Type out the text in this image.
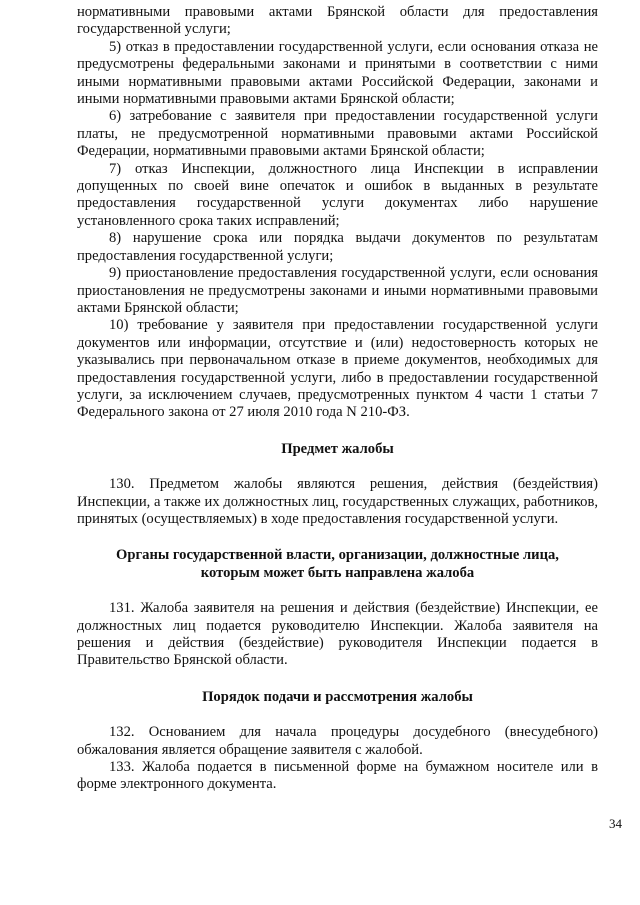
нормативными правовыми актами Брянской области для предоставления государственной услуги;

5) отказ в предоставлении государственной услуги, если основания отказа не предусмотрены федеральными законами и принятыми в соответствии с ними иными нормативными правовыми актами Российской Федерации, законами и иными нормативными правовыми актами Брянской области;

6) затребование с заявителя при предоставлении государственной услуги платы, не предусмотренной нормативными правовыми актами Российской Федерации, нормативными правовыми актами Брянской области;

7) отказ Инспекции, должностного лица Инспекции в исправлении допущенных по своей вине опечаток и ошибок в выданных в результате предоставления государственной услуги документах либо нарушение установленного срока таких исправлений;

8) нарушение срока или порядка выдачи документов по результатам предоставления государственной услуги;

9) приостановление предоставления государственной услуги, если основания приостановления не предусмотрены законами и иными нормативными правовыми актами Брянской области;

10) требование у заявителя при предоставлении государственной услуги документов или информации, отсутствие и (или) недостоверность которых не указывались при первоначальном отказе в приеме документов, необходимых для предоставления государственной услуги, либо в предоставлении государственной услуги, за исключением случаев, предусмотренных пунктом 4 части 1 статьи 7 Федерального закона от 27 июля 2010 года N 210-ФЗ.

Предмет жалобы

130. Предметом жалобы являются решения, действия (бездействия) Инспекции, а также их должностных лиц, государственных служащих, работников, принятых (осуществляемых) в ходе предоставления государственной услуги.

Органы государственной власти, организации, должностные лица,
которым может быть направлена жалоба

131. Жалоба заявителя на решения и действия (бездействие) Инспекции, ее должностных лиц подается руководителю Инспекции. Жалоба заявителя на решения и действия (бездействие) руководителя Инспекции подается в Правительство Брянской области.

Порядок подачи и рассмотрения жалобы

132. Основанием для начала процедуры досудебного (внесудебного) обжалования является обращение заявителя с жалобой.

133. Жалоба подается в письменной форме на бумажном носителе или в форме электронного документа.

34
